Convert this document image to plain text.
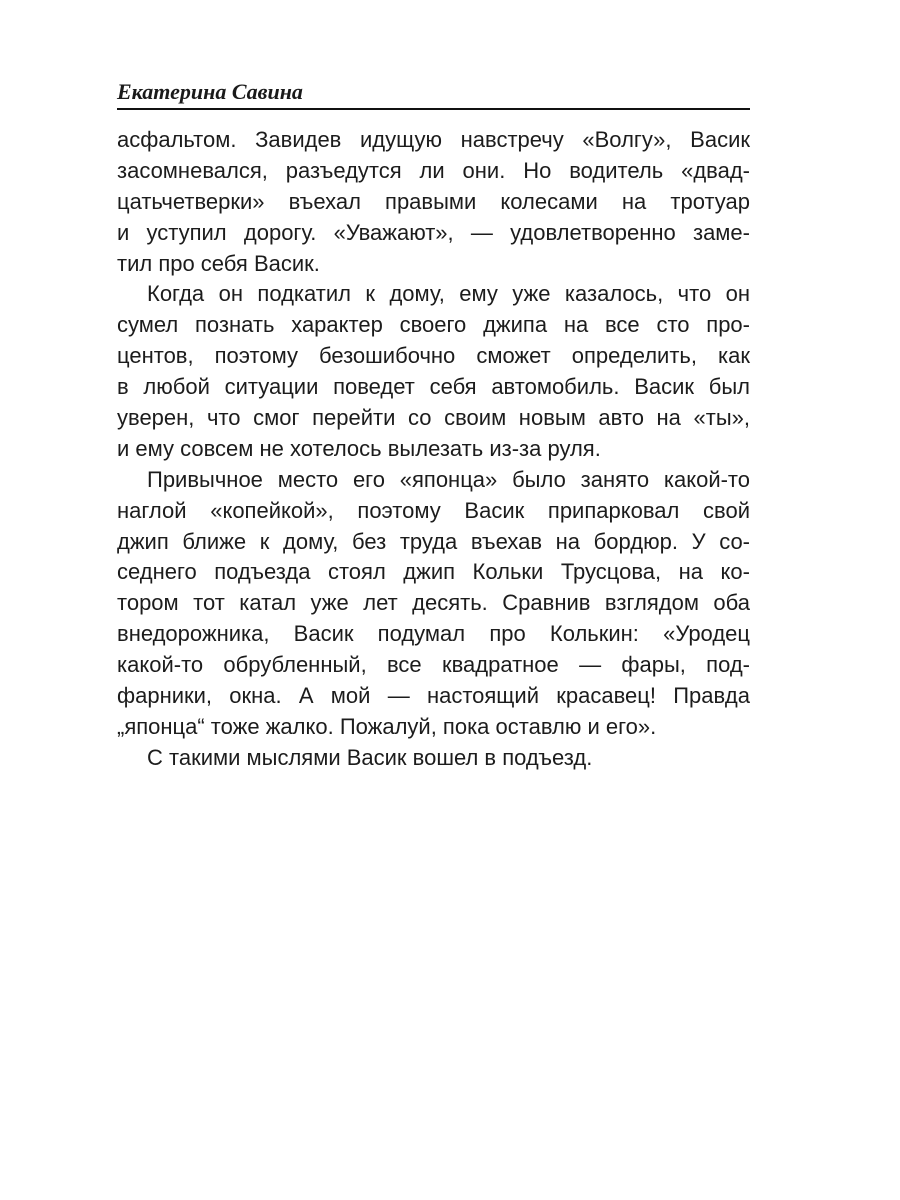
Екатерина Савина
асфальтом. Завидев идущую навстречу «Волгу», Васик
засомневался, разъедутся ли они. Но водитель «двад-
цатьчетверки» въехал правыми колесами на тротуар
и уступил дорогу. «Уважают», — удовлетворенно заме-
тил про себя Васик.
Когда он подкатил к дому, ему уже казалось, что он
сумел познать характер своего джипа на все сто про-
центов, поэтому безошибочно сможет определить, как
в любой ситуации поведет себя автомобиль. Васик был
уверен, что смог перейти со своим новым авто на «ты»,
и ему совсем не хотелось вылезать из-за руля.
Привычное место его «японца» было занято какой-то
наглой «копейкой», поэтому Васик припарковал свой
джип ближе к дому, без труда въехав на бордюр. У со-
седнего подъезда стоял джип Кольки Трусцова, на ко-
тором тот катал уже лет десять. Сравнив взглядом оба
внедорожника, Васик подумал про Колькин: «Уродец
какой-то обрубленный, все квадратное — фары, под-
фарники, окна. А мой — настоящий красавец! Правда
„японца“ тоже жалко. Пожалуй, пока оставлю и его».
С такими мыслями Васик вошел в подъезд.
